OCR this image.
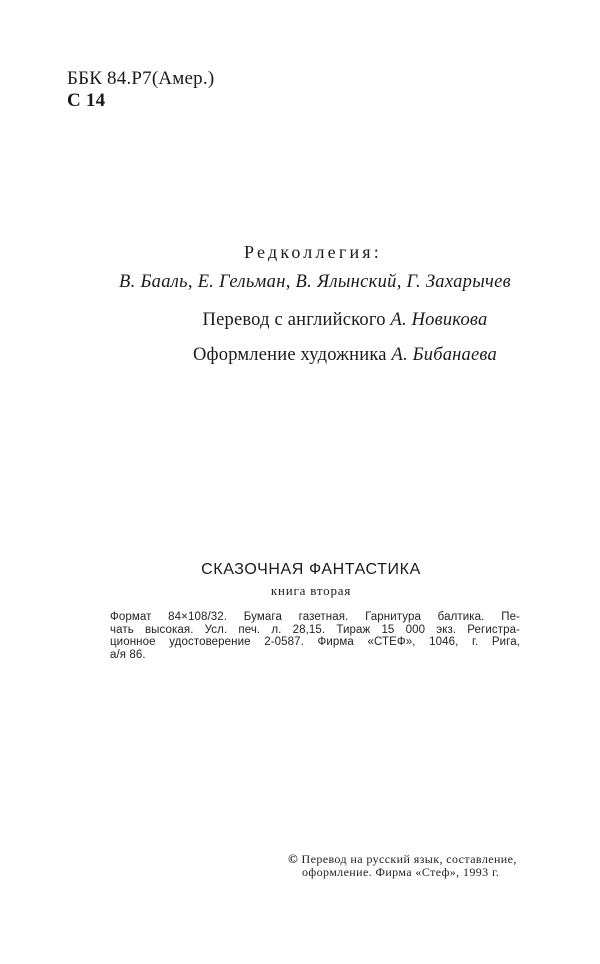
ББК 84.Р7(Амер.)
С 14
Редколлегия:
В. Бааль, Е. Гельман, В. Ялынский, Г. Захарычев
Перевод с английского А. Новикова
Оформление художника А. Бибанаева
СКАЗОЧНАЯ ФАНТАСТИКА
книга вторая
Формат 84×108/32. Бумага газетная. Гарнитура балтика. Пе-
чать высокая. Усл. печ. л. 28,15. Тираж 15 000 экз. Регистра-
ционное удостоверение 2-0587. Фирма «СТЕФ», 1046, г. Рига,
а/я 86.
© Перевод на русский язык, составление,
оформление. Фирма «Стеф», 1993 г.
